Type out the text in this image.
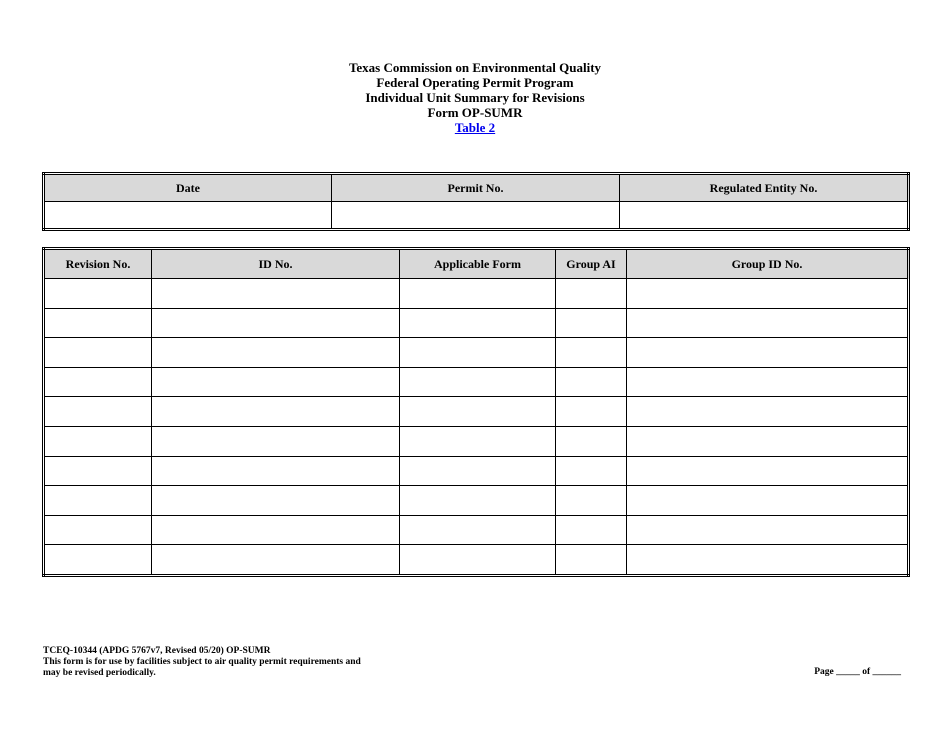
Texas Commission on Environmental Quality
Federal Operating Permit Program
Individual Unit Summary for Revisions
Form OP-SUMR
Table 2
Date	Permit No.	Regulated Entity No.

Revision No.	ID No.	Applicable Form	Group AI	Group ID No.

TCEQ-10344 (APDG 5767v7, Revised 05/20) OP-SUMR
This form is for use by facilities subject to air quality permit requirements and
may be revised periodically.	Page _____ of ______
